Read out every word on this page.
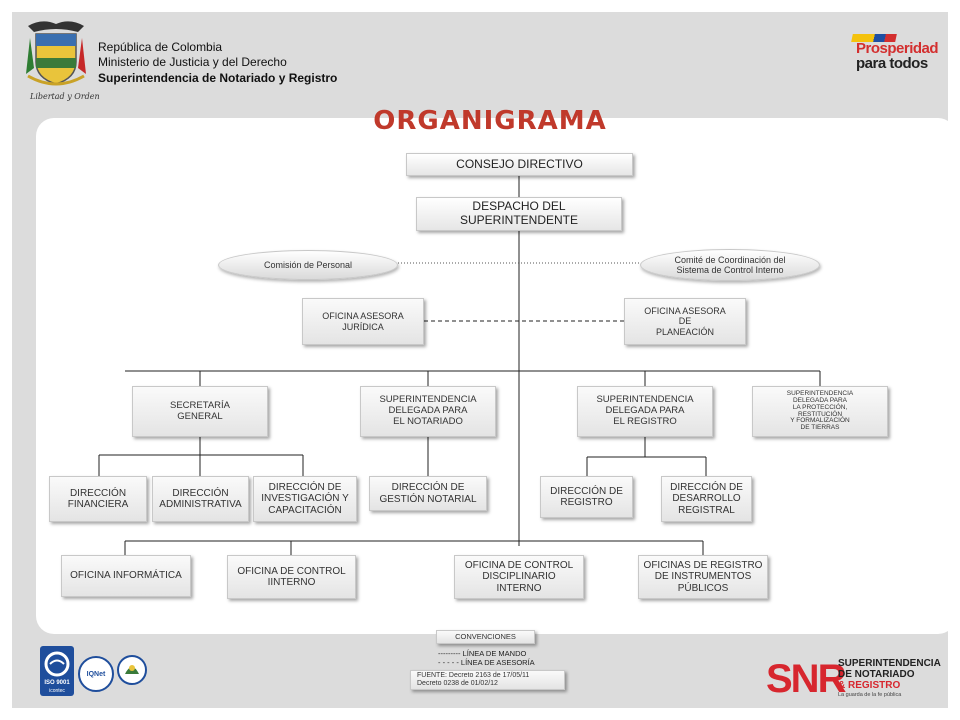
Libertad y Orden
República de Colombia
Ministerio de Justicia y del Derecho
Superintendencia de Notariado y Registro
Prosperidad
para todos
ORGANIGRAMA
CONSEJO DIRECTIVO
DESPACHO DEL
SUPERINTENDENTE
Comisión de Personal
Comité de Coordinación del
Sistema de Control Interno
OFICINA ASESORA
JURÍDICA
OFICINA ASESORA
DE
PLANEACIÓN
SECRETARÍA
GENERAL
SUPERINTENDENCIA
DELEGADA PARA
EL NOTARIADO
SUPERINTENDENCIA
DELEGADA PARA
EL REGISTRO
SUPERINTENDENCIA
DELEGADA PARA
LA PROTECCIÓN,
RESTITUCIÓN
Y FORMALIZACIÓN
DE TIERRAS
DIRECCIÓN
FINANCIERA
DIRECCIÓN
ADMINISTRATIVA
DIRECCIÓN DE
INVESTIGACIÓN Y
CAPACITACIÓN
DIRECCIÓN DE
GESTIÓN NOTARIAL
DIRECCIÓN DE
REGISTRO
DIRECCIÓN DE
DESARROLLO
REGISTRAL
OFICINA INFORMÁTICA	OFICINA DE CONTROL
IINTERNO
OFICINA DE CONTROL
DISCIPLINARIO
INTERNO
OFICINAS DE REGISTRO
DE INSTRUMENTOS
PÚBLICOS
CONVENCIONES
--------- LÍNEA DE MANDO
- - - - - LÍNEA DE ASESORÍA
FUENTE: Decreto 2163 de 17/05/11
Decreto 0238 de 01/02/12
ISO 9001
icontec
IQNet	SNR
SUPERINTENDENCIA
DE NOTARIADO
& REGISTRO
La guarda de la fe pública
